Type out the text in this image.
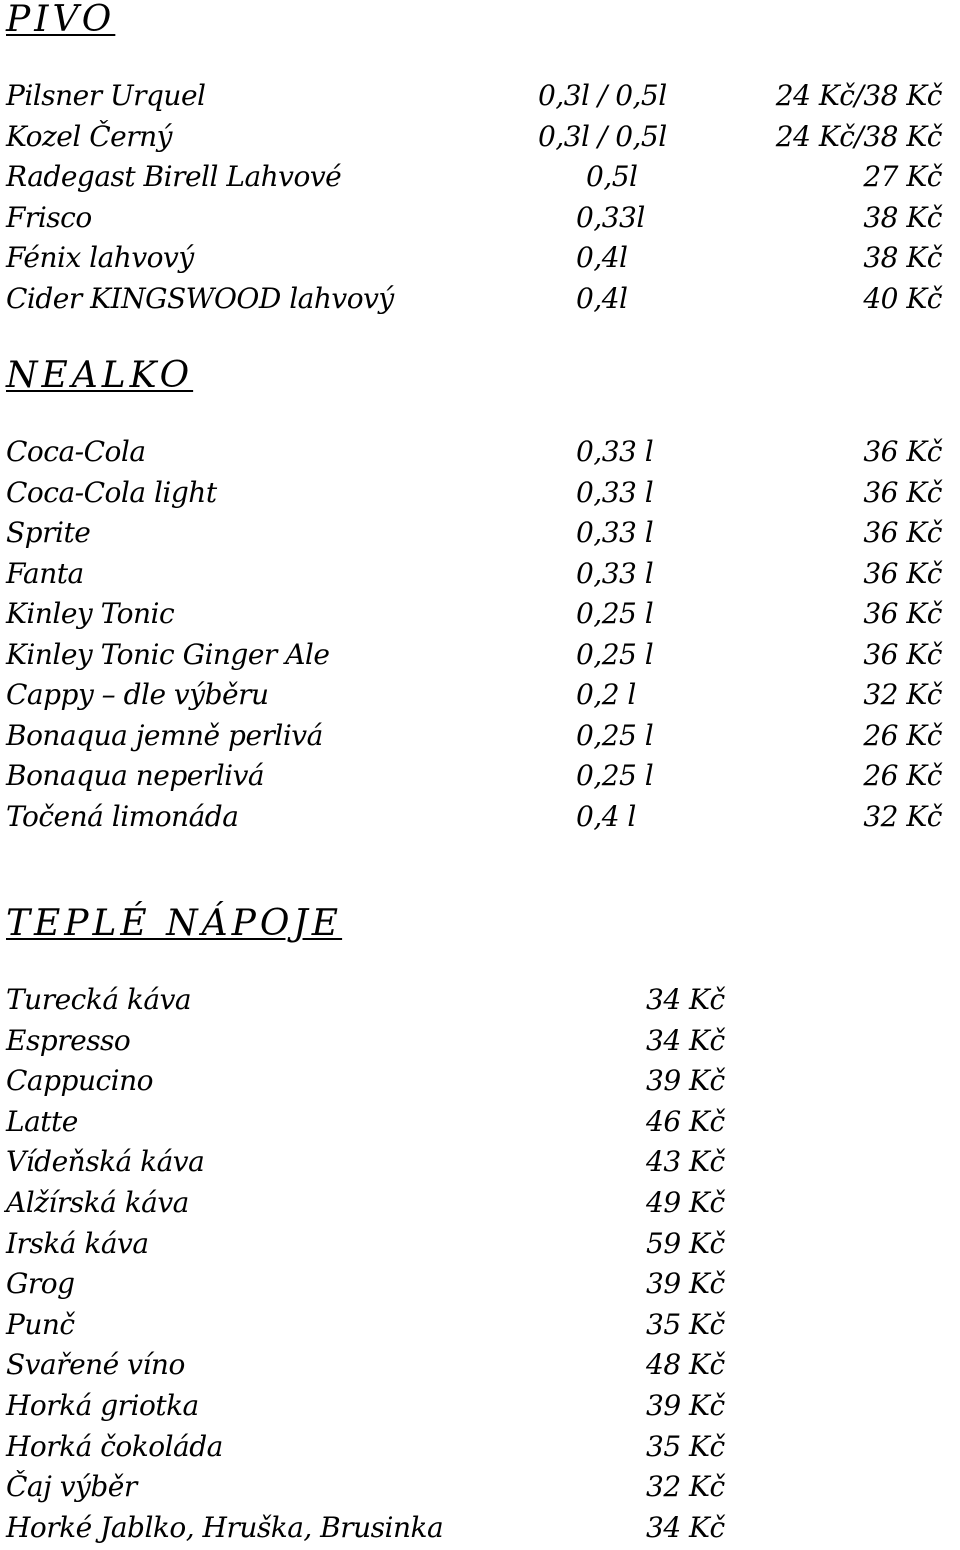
PIVO
Pilsner Urquel	0,3l / 0,5l	24 Kč/38 Kč
Kozel Černý	0,3l / 0,5l	24 Kč/38 Kč
Radegast Birell Lahvové	0,5l	27 Kč
Frisco	0,33l	38 Kč
Fénix lahvový	0,4l	38 Kč
Cider KINGSWOOD lahvový	0,4l	40 Kč
NEALKO
Coca-Cola	0,33 l	36 Kč
Coca-Cola light	0,33 l	36 Kč
Sprite	0,33 l	36 Kč
Fanta	0,33 l	36 Kč
Kinley Tonic	0,25 l	36 Kč
Kinley Tonic Ginger Ale	0,25 l	36 Kč
Cappy – dle výběru	0,2 l	32 Kč
Bonaqua jemně perlivá	0,25 l	26 Kč
Bonaqua neperlivá	0,25 l	26 Kč
Točená limonáda	0,4 l	32 Kč
TEPLÉ NÁPOJE
Turecká káva	34 Kč
Espresso	34 Kč
Cappucino	39 Kč
Latte	46 Kč
Vídeňská káva	43 Kč
Alžírská káva	49 Kč
Irská káva	59 Kč
Grog	39 Kč
Punč	35 Kč
Svařené víno	48 Kč
Horká griotka	39 Kč
Horká čokoláda	35 Kč
Čaj výběr	32 Kč
Horké Jablko, Hruška, Brusinka	34 Kč
